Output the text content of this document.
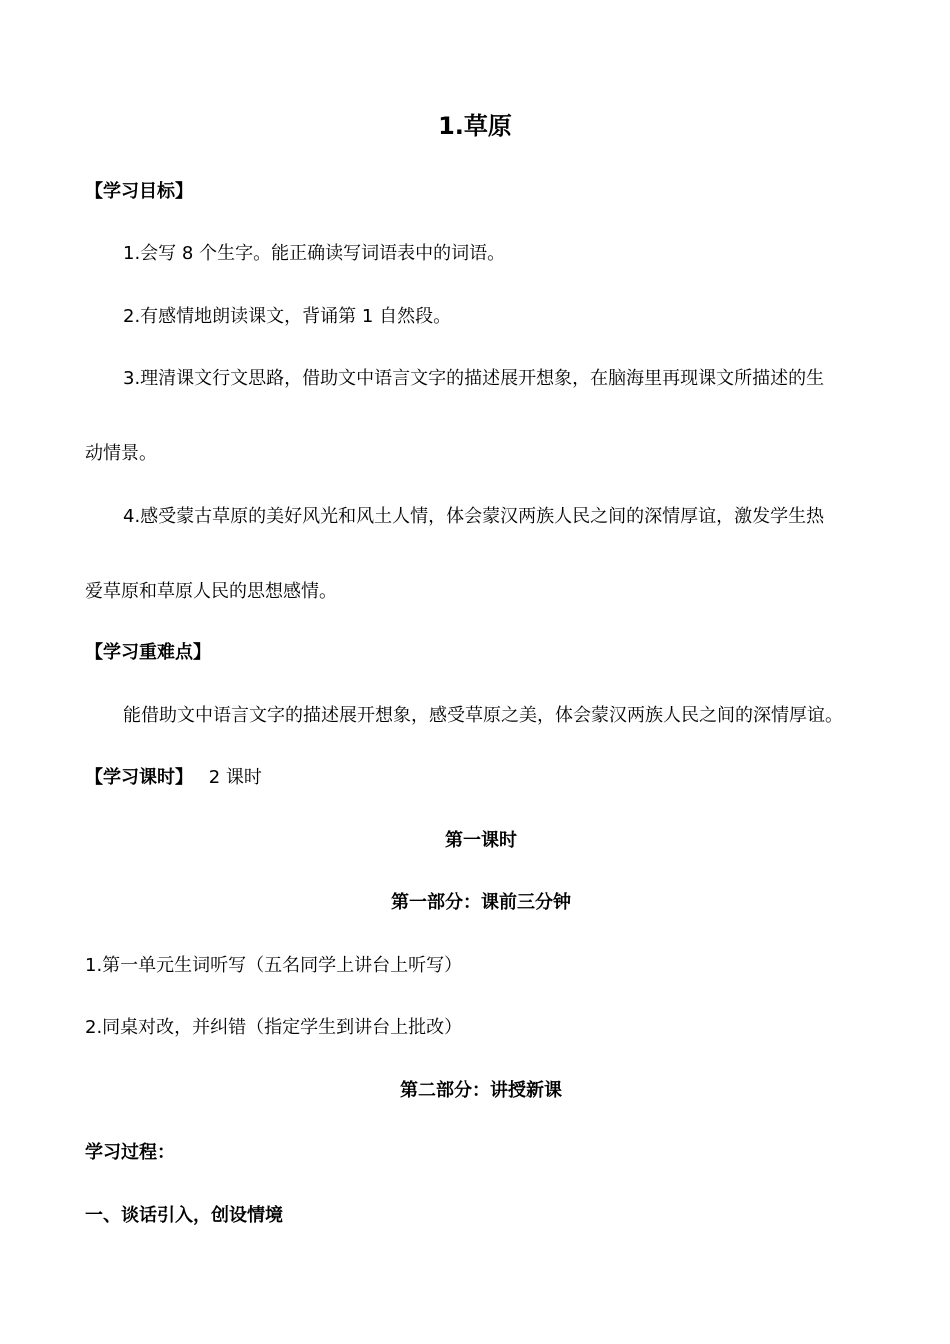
1.草原
【学习目标】
1.会写 8 个生字。能正确读写词语表中的词语。
2.有感情地朗读课文，背诵第 1 自然段。
3.理清课文行文思路，借助文中语言文字的描述展开想象，在脑海里再现课文所描述的生
动情景。
4.感受蒙古草原的美好风光和风土人情，体会蒙汉两族人民之间的深情厚谊，激发学生热
爱草原和草原人民的思想感情。
【学习重难点】
能借助文中语言文字的描述展开想象，感受草原之美，体会蒙汉两族人民之间的深情厚谊。
【学习课时】 2 课时
第一课时
第一部分：课前三分钟
1.第一单元生词听写（五名同学上讲台上听写）
2.同桌对改，并纠错（指定学生到讲台上批改）
第二部分：讲授新课
学习过程：
一、谈话引入，创设情境
